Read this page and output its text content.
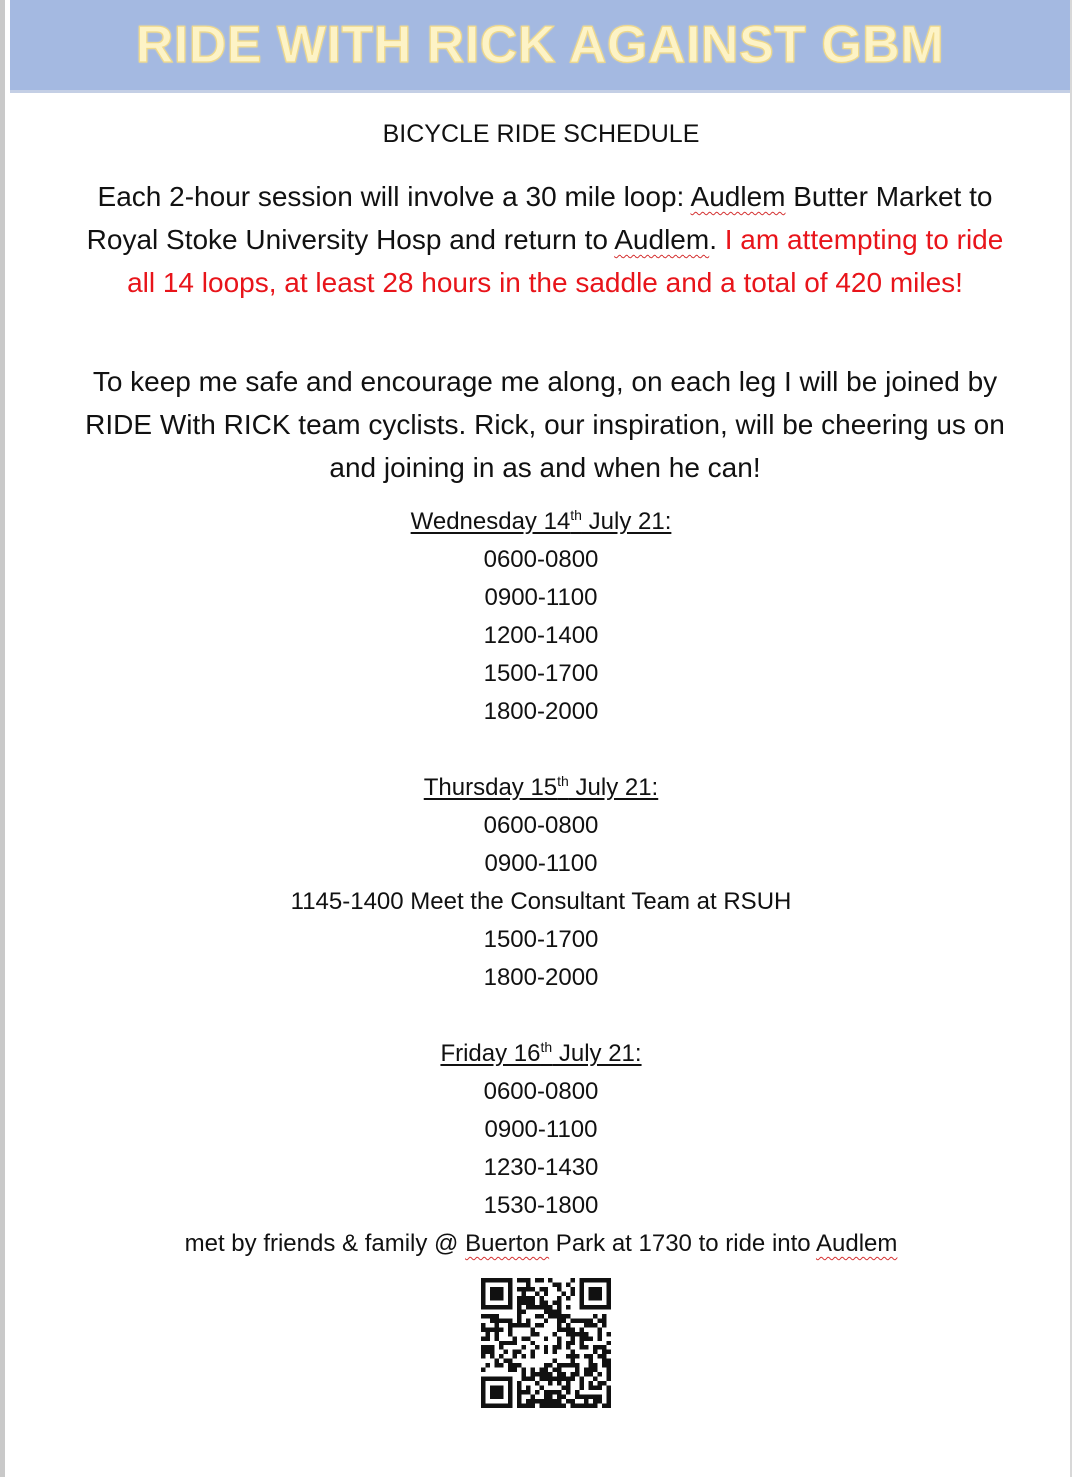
RIDE WITH RICK AGAINST GBM
BICYCLE RIDE SCHEDULE
Each 2-hour session will involve a 30 mile loop: Audlem Butter Market to Royal Stoke University Hosp and return to Audlem. I am attempting to ride all 14 loops, at least 28 hours in the saddle and a total of 420 miles!
To keep me safe and encourage me along, on each leg I will be joined by RIDE With RICK team cyclists. Rick, our inspiration, will be cheering us on and joining in as and when he can!
Wednesday 14th July 21:
0600-0800
0900-1100
1200-1400
1500-1700
1800-2000
Thursday 15th July 21:
0600-0800
0900-1100
1145-1400 Meet the Consultant Team at RSUH
1500-1700
1800-2000
Friday 16th July 21:
0600-0800
0900-1100
1230-1430
1530-1800
met by friends & family @ Buerton Park at 1730 to ride into Audlem
